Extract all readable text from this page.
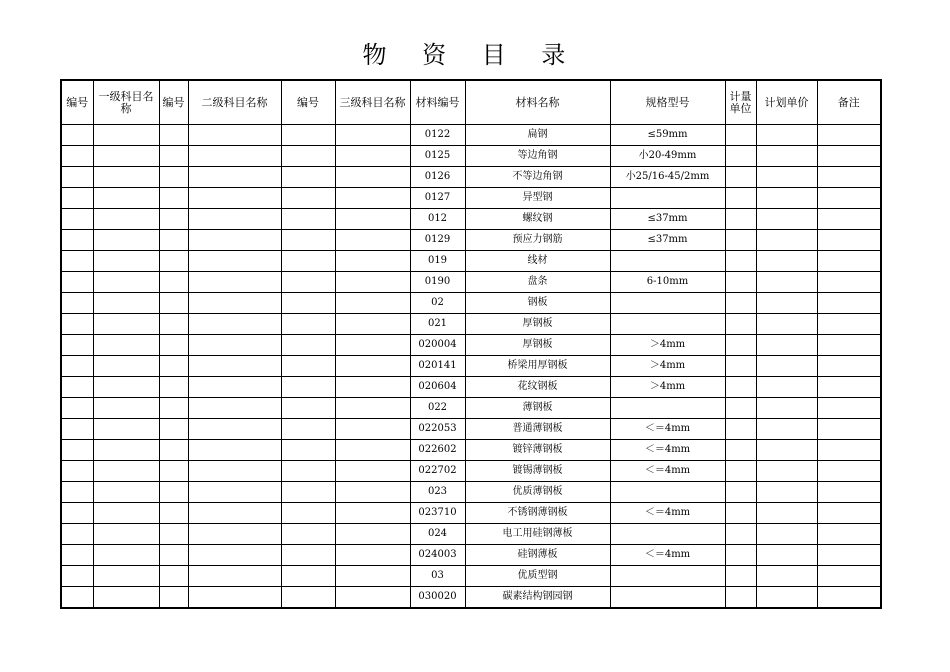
物 资 目 录
编号	一级科目名称	编号	二级科目名称	编号	三级科目名称	材料编号	材料名称	规格型号	计量单位	计划单价	备注
						0122	扁钢	≤59mm			
						0125	等边角钢	小20-49mm			
						0126	不等边角钢	小25/16-45/2mm			
						0127	异型钢				
						012	螺纹钢	≤37mm			
						0129	预应力钢筋	≤37mm			
						019	线材				
						0190	盘条	6-10mm			
						02	钢板				
						021	厚钢板				
						020004	厚钢板	＞4mm			
						020141	桥梁用厚钢板	＞4mm			
						020604	花纹钢板	＞4mm			
						022	薄钢板				
						022053	普通薄钢板	＜＝4mm			
						022602	镀锌薄钢板	＜＝4mm			
						022702	镀锡薄钢板	＜＝4mm			
						023	优质薄钢板				
						023710	不锈钢薄钢板	＜＝4mm			
						024	电工用硅钢薄板				
						024003	硅钢薄板	＜＝4mm			
						03	优质型钢				
						030020	碳素结构钢园钢				
